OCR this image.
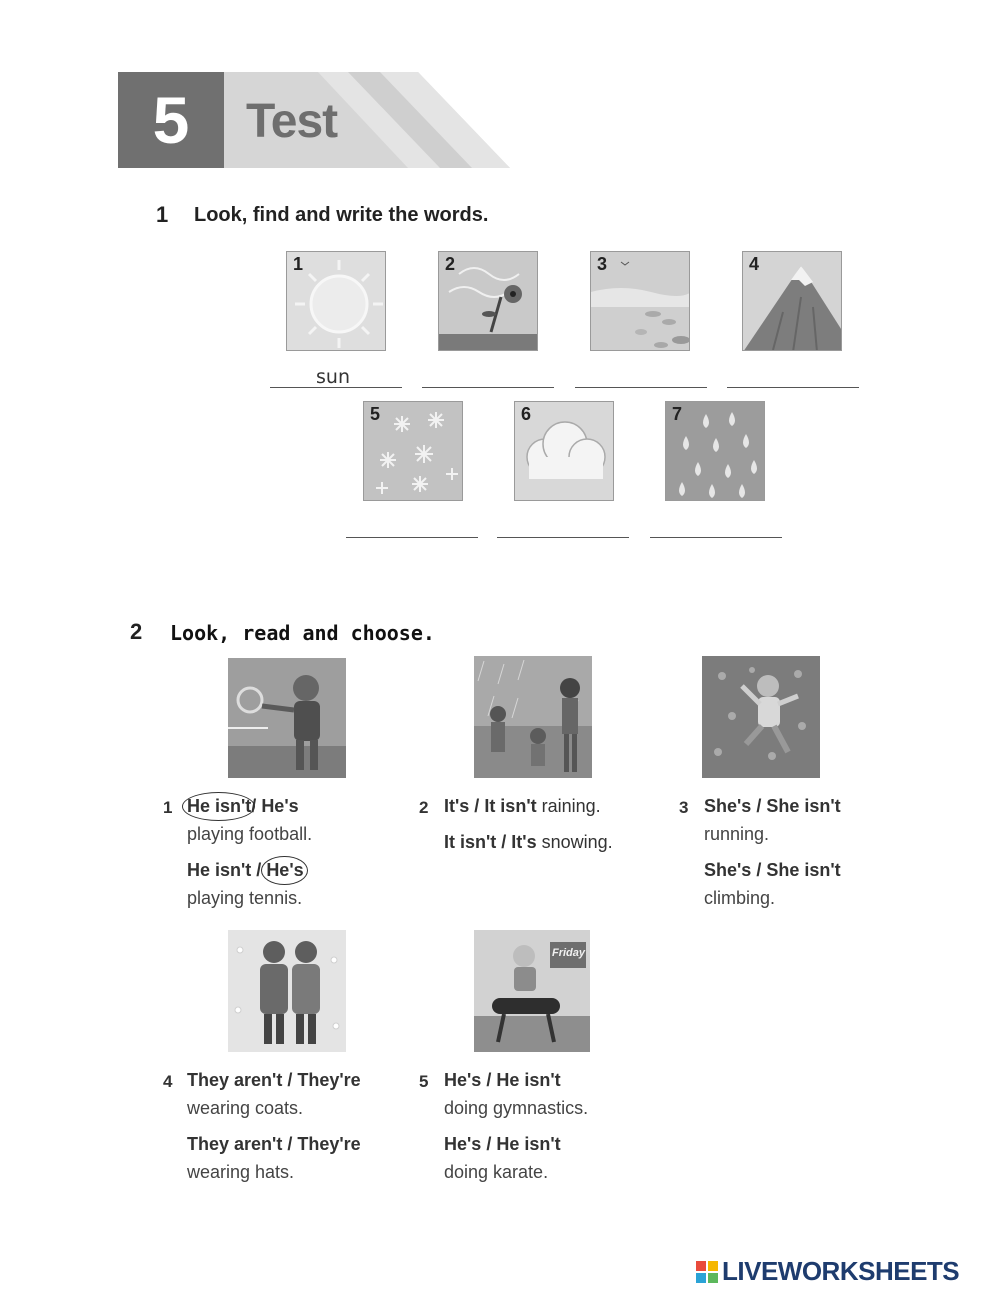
5	Test
1 Look, find and write the words.
1	2	3	4
sun
5	6	7
2 Look, read and choose.
1 He isn't/ He's
playing football.
He isn't / He's
playing tennis.
2 It's / It isn't raining.
It isn't / It's snowing.
3 She's / She isn't
running.
She's / She isn't
climbing.
Friday
4 They aren't / They're
wearing coats.
They aren't / They're
wearing hats.
5 He's / He isn't
doing gymnastics.
He's / He isn't
doing karate.
LIVEWORKSHEETS
